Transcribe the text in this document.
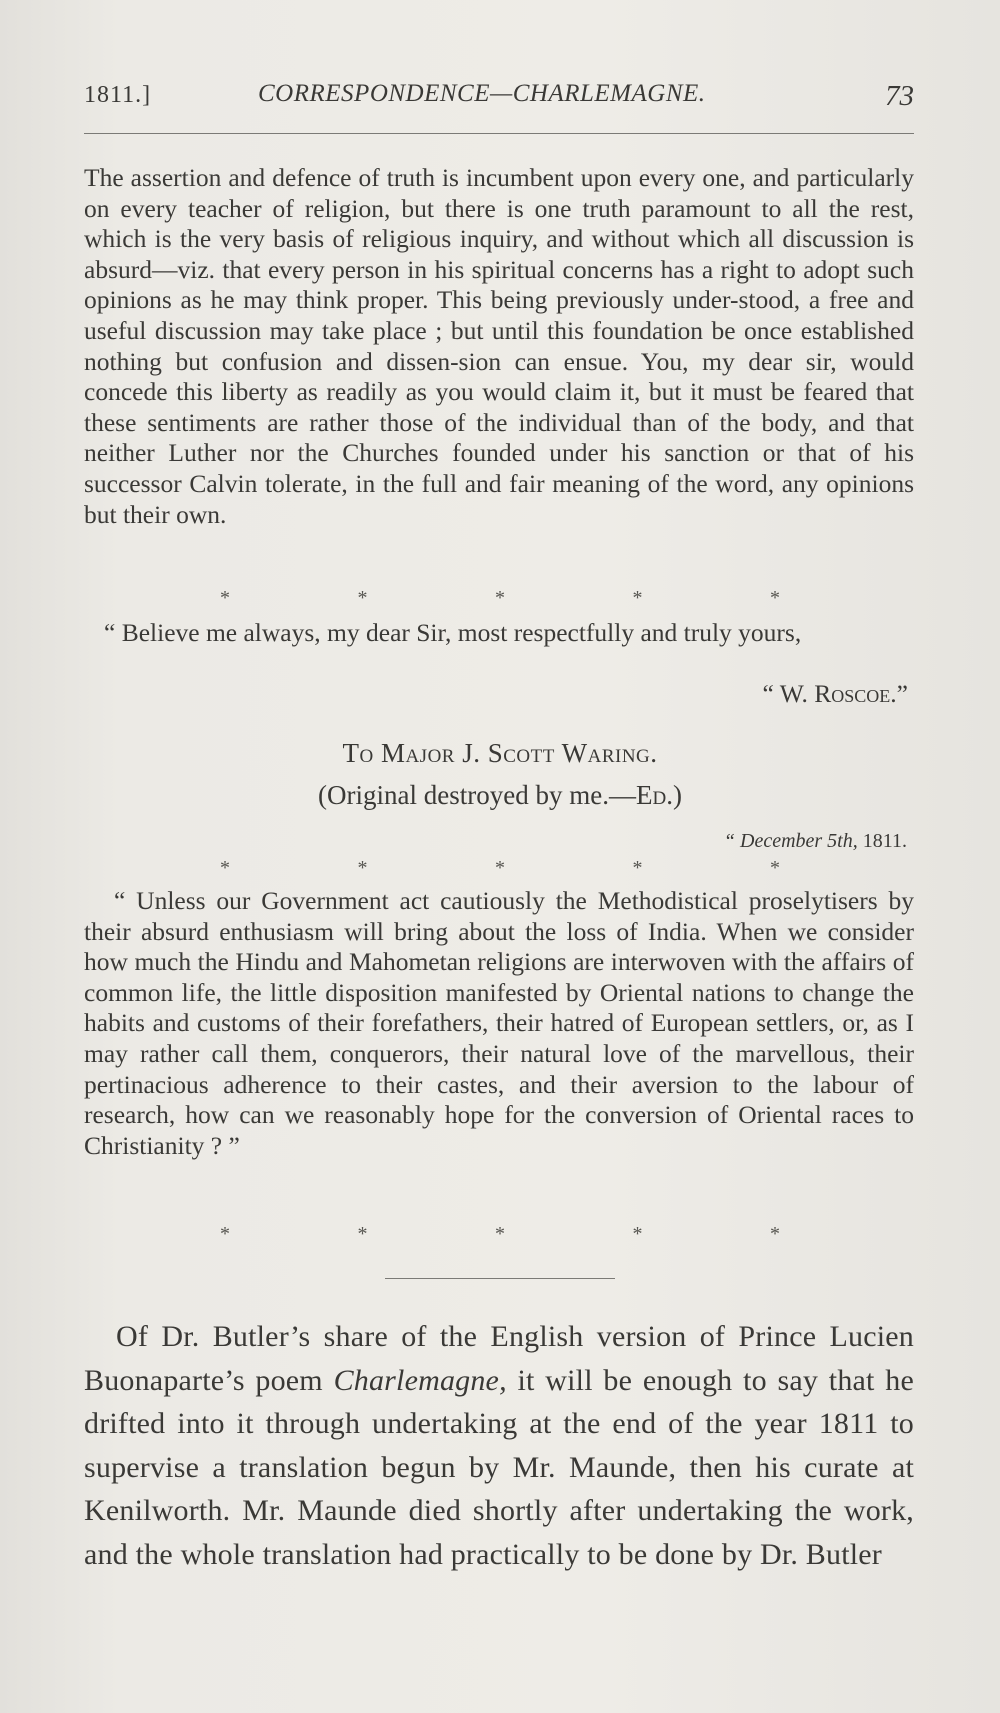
1811.]	CORRESPONDENCE—CHARLEMAGNE.	73
The assertion and defence of truth is incumbent upon every one, and particularly on every teacher of religion, but there is one truth paramount to all the rest, which is the very basis of religious inquiry, and without which all discussion is absurd—viz. that every person in his spiritual concerns has a right to adopt such opinions as he may think proper. This being previously under-stood, a free and useful discussion may take place ; but until this foundation be once established nothing but confusion and dissen-sion can ensue. You, my dear sir, would concede this liberty as readily as you would claim it, but it must be feared that these sentiments are rather those of the individual than of the body, and that neither Luther nor the Churches founded under his sanction or that of his successor Calvin tolerate, in the full and fair meaning of the word, any opinions but their own.
*	*	*	*	*
“ Believe me always, my dear Sir, most respectfully and truly yours,
“ W. Roscoe.”
To Major J. Scott Waring.
(Original destroyed by me.—Ed.)
“ December 5th, 1811.
*	*	*	*	*
“ Unless our Government act cautiously the Methodistical proselytisers by their absurd enthusiasm will bring about the loss of India. When we consider how much the Hindu and Mahometan religions are interwoven with the affairs of common life, the little disposition manifested by Oriental nations to change the habits and customs of their forefathers, their hatred of European settlers, or, as I may rather call them, conquerors, their natural love of the marvellous, their pertinacious adherence to their castes, and their aversion to the labour of research, how can we reasonably hope for the conversion of Oriental races to Christianity ? ”
*	*	*	*	*
Of Dr. Butler’s share of the English version of Prince Lucien Buonaparte’s poem Charlemagne, it will be enough to say that he drifted into it through undertaking at the end of the year 1811 to supervise a translation begun by Mr. Maunde, then his curate at Kenilworth. Mr. Maunde died shortly after undertaking the work, and the whole translation had practically to be done by Dr. Butler
